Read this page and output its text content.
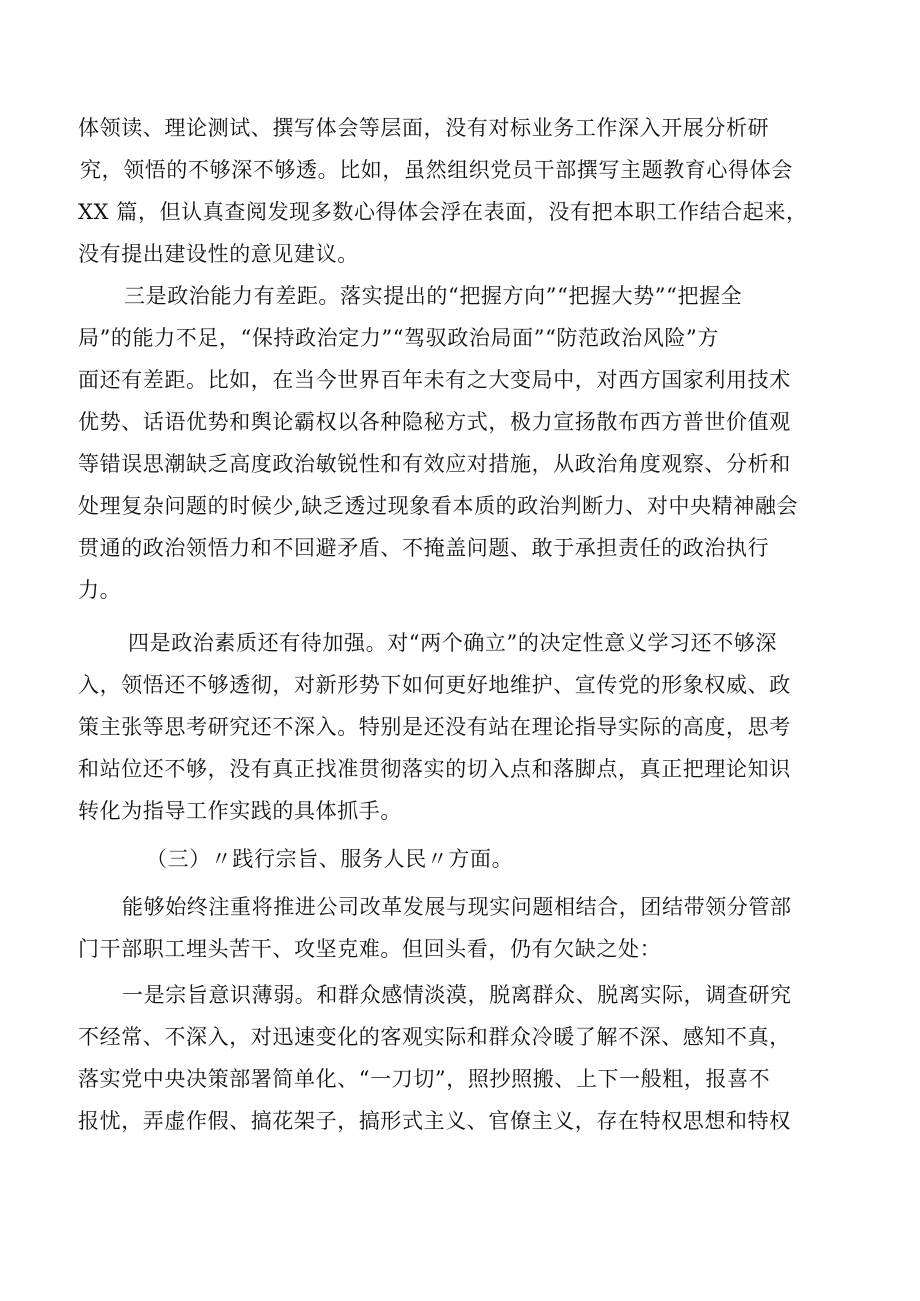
体领读、理论测试、撰写体会等层面，没有对标业务工作深入开展分析研
究，领悟的不够深不够透。比如，虽然组织党员干部撰写主题教育心得体会
XX 篇，但认真查阅发现多数心得体会浮在表面，没有把本职工作结合起来，
没有提出建设性的意见建议。
三是政治能力有差距。落实提出的“把握方向”“把握大势”“把握全
局”的能力不足，“保持政治定力”“驾驭政治局面”“防范政治风险”方
面还有差距。比如，在当今世界百年未有之大变局中，对西方国家利用技术
优势、话语优势和舆论霸权以各种隐秘方式，极力宣扬散布西方普世价值观
等错误思潮缺乏高度政治敏锐性和有效应对措施，从政治角度观察、分析和
处理复杂问题的时候少,缺乏透过现象看本质的政治判断力、对中央精神融会
贯通的政治领悟力和不回避矛盾、不掩盖问题、敢于承担责任的政治执行
力。
四是政治素质还有待加强。对“两个确立”的决定性意义学习还不够深
入，领悟还不够透彻，对新形势下如何更好地维护、宣传党的形象权威、政
策主张等思考研究还不深入。特别是还没有站在理论指导实际的高度，思考
和站位还不够，没有真正找准贯彻落实的切入点和落脚点，真正把理论知识
转化为指导工作实践的具体抓手。
（三）〃践行宗旨、服务人民〃方面。
能够始终注重将推进公司改革发展与现实问题相结合，团结带领分管部
门干部职工埋头苦干、攻坚克难。但回头看，仍有欠缺之处：
一是宗旨意识薄弱。和群众感情淡漠，脱离群众、脱离实际，调查研究
不经常、不深入，对迅速变化的客观实际和群众冷暖了解不深、感知不真，
落实党中央决策部署简单化、“一刀切”，照抄照搬、上下一般粗，报喜不
报忧，弄虚作假、搞花架子，搞形式主义、官僚主义，存在特权思想和特权
